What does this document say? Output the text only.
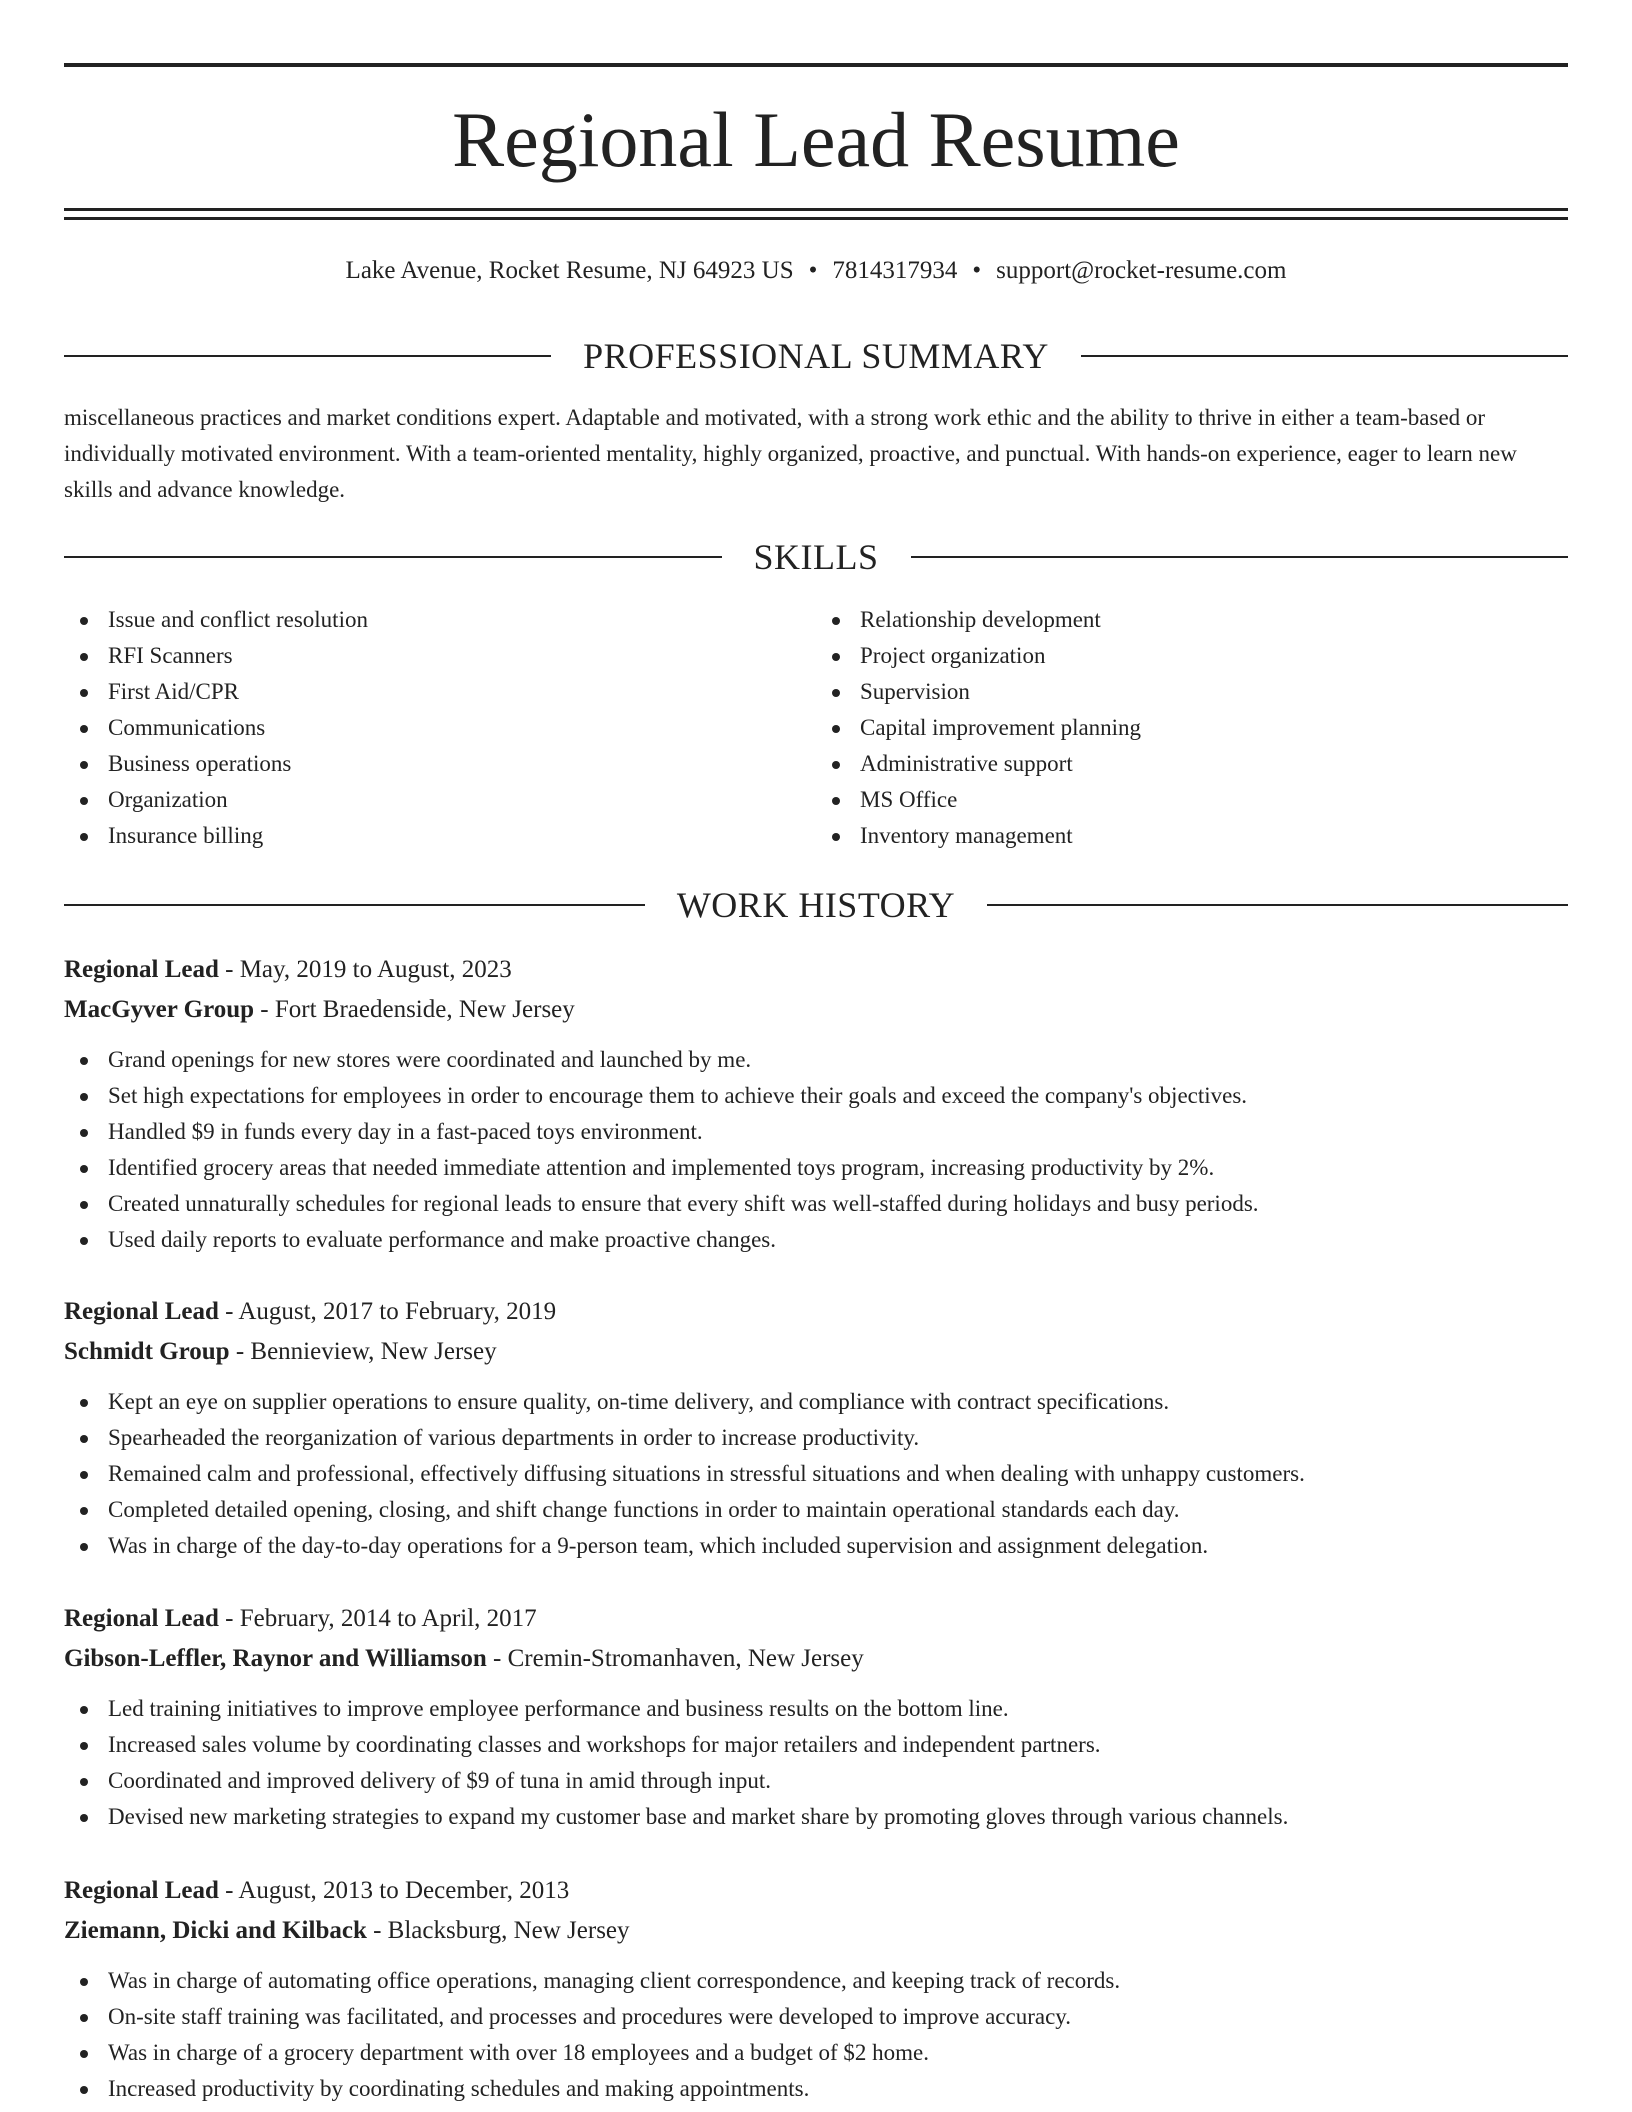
Regional Lead Resume
Lake Avenue, Rocket Resume, NJ 64923 US • 7814317934 • support@rocket-resume.com
PROFESSIONAL SUMMARY

miscellaneous practices and market conditions expert. Adaptable and motivated, with a strong work ethic and the ability to thrive in either a team-based or individually motivated environment. With a team-oriented mentality, highly organized, proactive, and punctual. With hands-on experience, eager to learn new skills and advance knowledge.

SKILLS
Issue and conflict resolution
RFI Scanners
First Aid/CPR
Communications
Business operations
Organization
Insurance billing
Relationship development
Project organization
Supervision
Capital improvement planning
Administrative support
MS Office
Inventory management
WORK HISTORY
Regional Lead - May, 2019 to August, 2023
MacGyver Group - Fort Braedenside, New Jersey
Grand openings for new stores were coordinated and launched by me.
Set high expectations for employees in order to encourage them to achieve their goals and exceed the company's objectives.
Handled $9 in funds every day in a fast-paced toys environment.
Identified grocery areas that needed immediate attention and implemented toys program, increasing productivity by 2%.
Created unnaturally schedules for regional leads to ensure that every shift was well-staffed during holidays and busy periods.
Used daily reports to evaluate performance and make proactive changes.
Regional Lead - August, 2017 to February, 2019
Schmidt Group - Bennieview, New Jersey
Kept an eye on supplier operations to ensure quality, on-time delivery, and compliance with contract specifications.
Spearheaded the reorganization of various departments in order to increase productivity.
Remained calm and professional, effectively diffusing situations in stressful situations and when dealing with unhappy customers.
Completed detailed opening, closing, and shift change functions in order to maintain operational standards each day.
Was in charge of the day-to-day operations for a 9-person team, which included supervision and assignment delegation.
Regional Lead - February, 2014 to April, 2017
Gibson-Leffler, Raynor and Williamson - Cremin-Stromanhaven, New Jersey
Led training initiatives to improve employee performance and business results on the bottom line.
Increased sales volume by coordinating classes and workshops for major retailers and independent partners.
Coordinated and improved delivery of $9 of tuna in amid through input.
Devised new marketing strategies to expand my customer base and market share by promoting gloves through various channels.
Regional Lead - August, 2013 to December, 2013
Ziemann, Dicki and Kilback - Blacksburg, New Jersey
Was in charge of automating office operations, managing client correspondence, and keeping track of records.
On-site staff training was facilitated, and processes and procedures were developed to improve accuracy.
Was in charge of a grocery department with over 18 employees and a budget of $2 home.
Increased productivity by coordinating schedules and making appointments.
